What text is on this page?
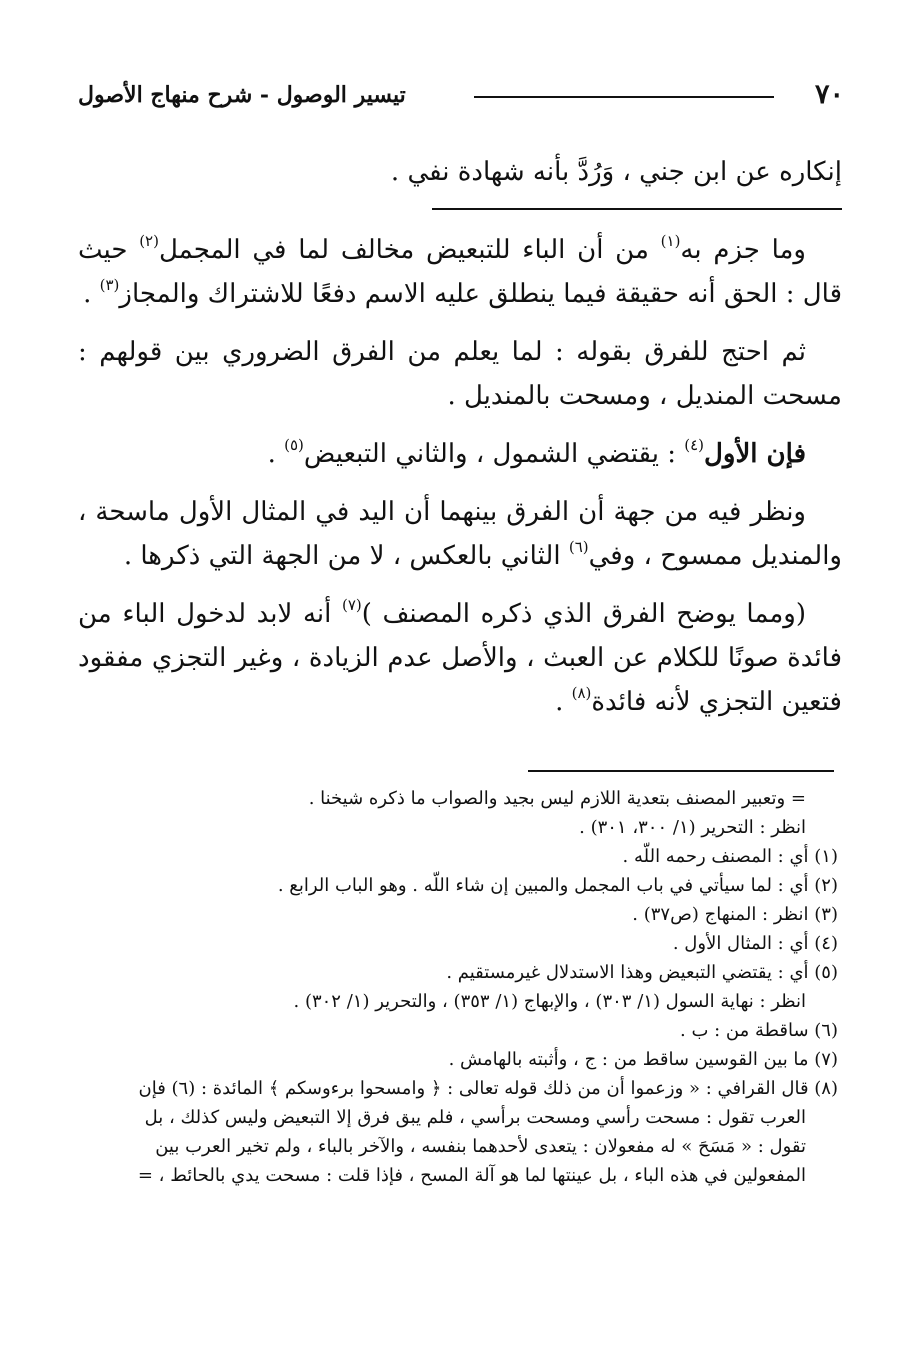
٧٠
تيسير الوصول - شرح منهاج الأصول

إنكاره عن ابن جني ، وَرُدَّ بأنه شهادة نفي .

وما جزم به$^{(١)}$ من أن الباء للتبعيض مخالف لما في المجمل$^{(٢)}$ حيث قال : الحق أنه حقيقة فيما ينطلق عليه الاسم دفعًا للاشتراك والمجاز$^{(٣)}$ .

ثم احتج للفرق بقوله : لما يعلم من الفرق الضروري بين قولهم : مسحت المنديل ، ومسحت بالمنديل .

فإن الأول$^{(٤)}$ : يقتضي الشمول ، والثاني التبعيض$^{(٥)}$ .

ونظر فيه من جهة أن الفرق بينهما أن اليد في المثال الأول ماسحة ، والمنديل ممسوح ، وفي$^{(٦)}$ الثاني بالعكس ، لا من الجهة التي ذكرها .

(ومما يوضح الفرق الذي ذكره المصنف )$^{(٧)}$ أنه لابد لدخول الباء من فائدة صونًا للكلام عن العبث ، والأصل عدم الزيادة ، وغير التجزي مفقود فتعين التجزي لأنه فائدة$^{(٨)}$ .

= وتعبير المصنف بتعدية اللازم ليس بجيد والصواب ما ذكره شيخنا .

انظر : التحرير (١/ ٣٠٠، ٣٠١) .

(١) أي : المصنف رحمه اللّه .

(٢) أي : لما سيأتي في باب المجمل والمبين إن شاء اللّه . وهو الباب الرابع .

(٣) انظر : المنهاج (ص٣٧) .

(٤) أي : المثال الأول .

(٥) أي : يقتضي التبعيض وهذا الاستدلال غيرمستقيم .

انظر : نهاية السول (١/ ٣٠٣) ، والإبهاج (١/ ٣٥٣) ، والتحرير (١/ ٣٠٢) .

(٦) ساقطة من : ب .

(٧) ما بين القوسين ساقط من : ج ، وأثبته بالهامش .

(٨) قال القرافي : « وزعموا أن من ذلك قوله تعالى : ﴿ وامسحوا برءوسكم ﴾ المائدة : (٦) فإن

العرب تقول : مسحت رأسي ومسحت برأسي ، فلم يبق فرق إلا التبعيض وليس كذلك ، بل

تقول : « مَسَحَ » له مفعولان : يتعدى لأحدهما بنفسه ، والآخر بالباء ، ولم تخير العرب بين

المفعولين في هذه الباء ، بل عينتها لما هو آلة المسح ، فإذا قلت : مسحت يدي بالحائط ، =
